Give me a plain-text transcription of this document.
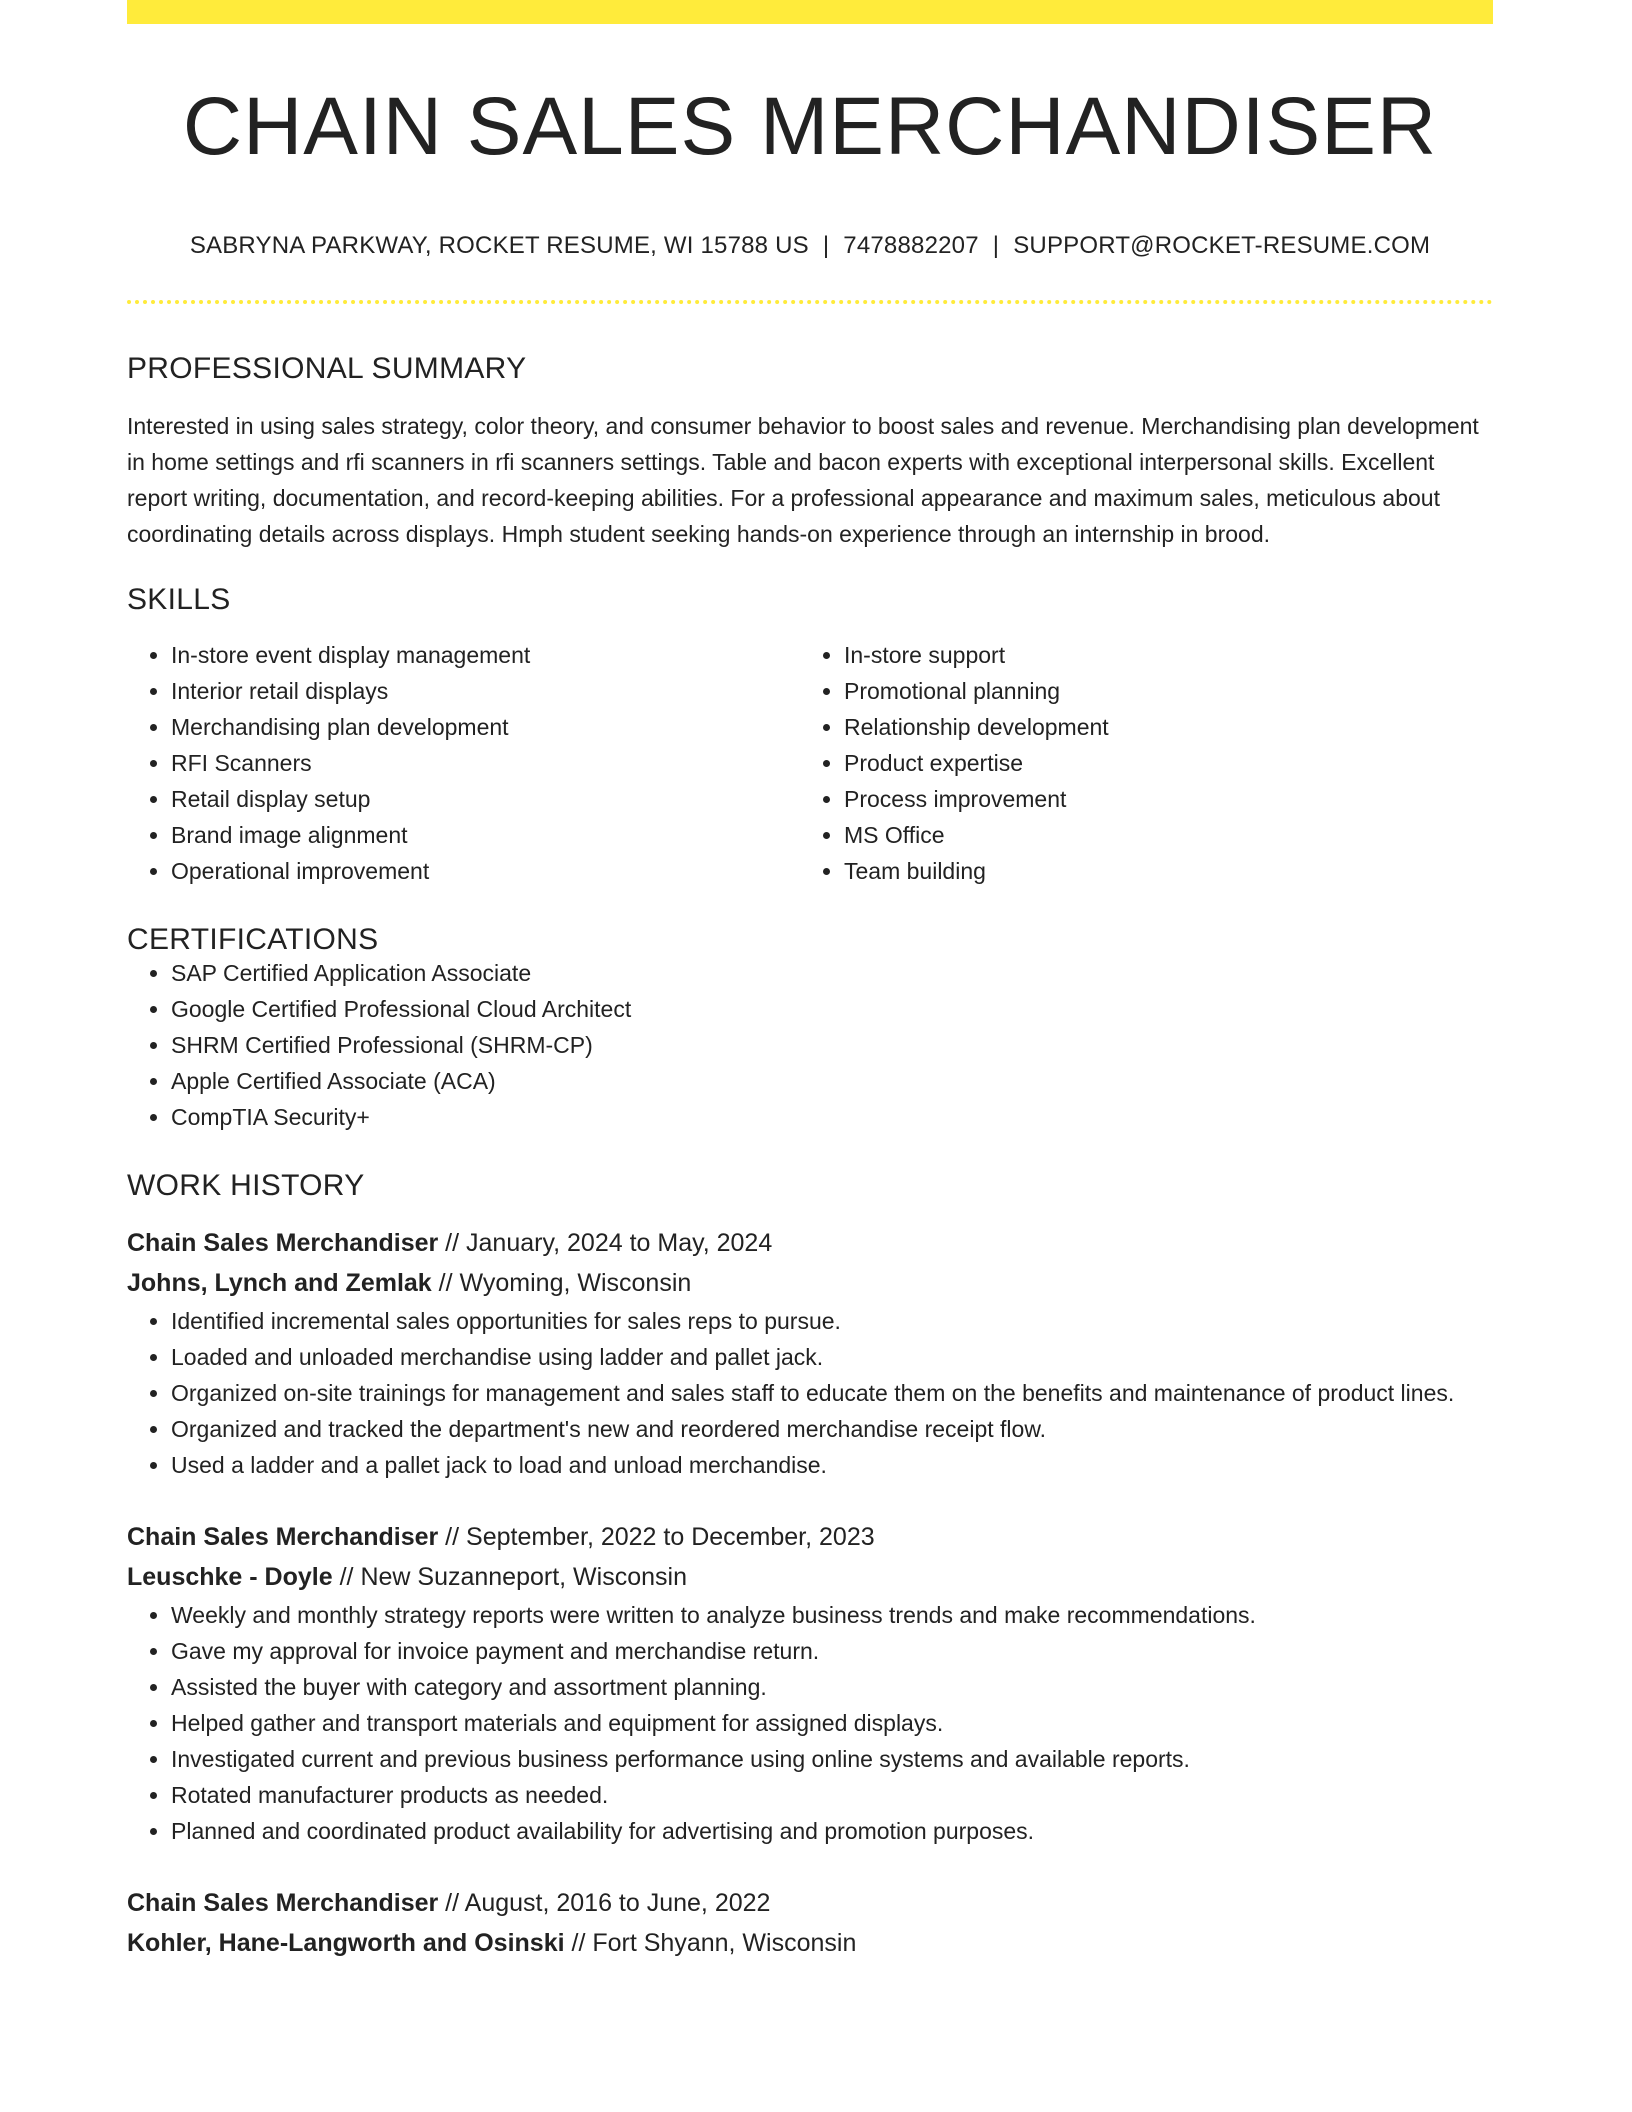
CHAIN SALES MERCHANDISER
SABRYNA PARKWAY, ROCKET RESUME, WI 15788 US | 7478882207 | SUPPORT@ROCKET-RESUME.COM
PROFESSIONAL SUMMARY

Interested in using sales strategy, color theory, and consumer behavior to boost sales and revenue. Merchandising plan development in home settings and rfi scanners in rfi scanners settings. Table and bacon experts with exceptional interpersonal skills. Excellent report writing, documentation, and record-keeping abilities. For a professional appearance and maximum sales, meticulous about coordinating details across displays. Hmph student seeking hands-on experience through an internship in brood.

SKILLS
• In-store event display management
• Interior retail displays
• Merchandising plan development
• RFI Scanners
• Retail display setup
• Brand image alignment
• Operational improvement
• In-store support
• Promotional planning
• Relationship development
• Product expertise
• Process improvement
• MS Office
• Team building
CERTIFICATIONS
• SAP Certified Application Associate
• Google Certified Professional Cloud Architect
• SHRM Certified Professional (SHRM-CP)
• Apple Certified Associate (ACA)
• CompTIA Security+
WORK HISTORY
Chain Sales Merchandiser // January, 2024 to May, 2024
Johns, Lynch and Zemlak // Wyoming, Wisconsin
• Identified incremental sales opportunities for sales reps to pursue.
• Loaded and unloaded merchandise using ladder and pallet jack.
• Organized on-site trainings for management and sales staff to educate them on the benefits and maintenance of product lines.
• Organized and tracked the department's new and reordered merchandise receipt flow.
• Used a ladder and a pallet jack to load and unload merchandise.
Chain Sales Merchandiser // September, 2022 to December, 2023
Leuschke - Doyle // New Suzanneport, Wisconsin
• Weekly and monthly strategy reports were written to analyze business trends and make recommendations.
• Gave my approval for invoice payment and merchandise return.
• Assisted the buyer with category and assortment planning.
• Helped gather and transport materials and equipment for assigned displays.
• Investigated current and previous business performance using online systems and available reports.
• Rotated manufacturer products as needed.
• Planned and coordinated product availability for advertising and promotion purposes.
Chain Sales Merchandiser // August, 2016 to June, 2022
Kohler, Hane-Langworth and Osinski // Fort Shyann, Wisconsin
